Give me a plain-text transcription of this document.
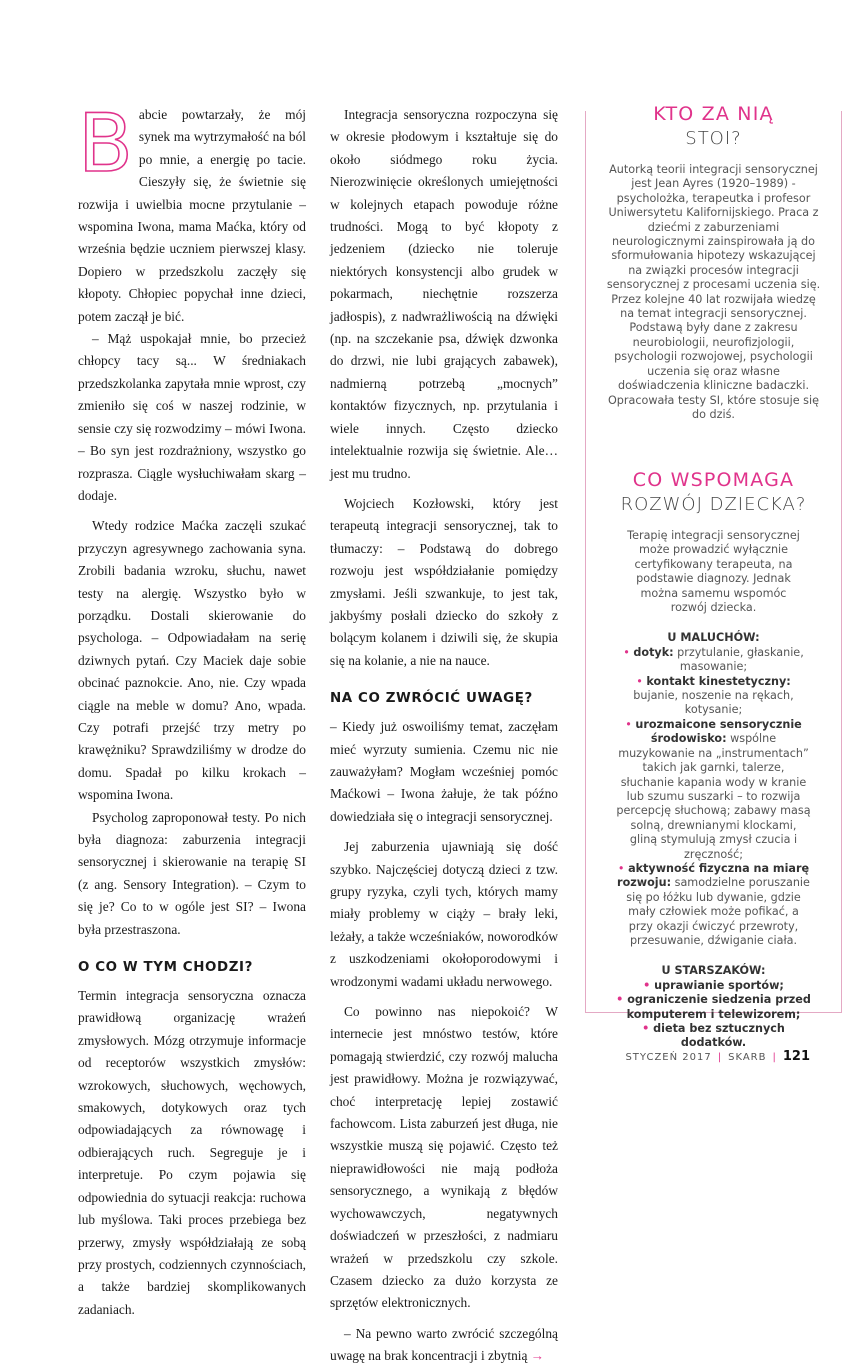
Babcie powtarzały, że mój synek ma wytrzymałość na ból po mnie, a energię po tacie. Cieszyły się, że świetnie się rozwija i uwielbia mocne przytulanie – wspomina Iwona, mama Maćka, który od września będzie uczniem pierwszej klasy. Dopiero w przedszkolu zaczęły się kłopoty. Chłopiec popychał inne dzieci, potem zaczął je bić.

– Mąż uspokajał mnie, bo przecież chłopcy tacy są... W średniakach przedszkolanka zapytała mnie wprost, czy zmieniło się coś w naszej rodzinie, w sensie czy się rozwodzimy – mówi Iwona. – Bo syn jest rozdrażniony, wszystko go rozprasza. Ciągle wysłuchiwałam skarg – dodaje.

Wtedy rodzice Maćka zaczęli szukać przyczyn agresywnego zachowania syna. Zrobili badania wzroku, słuchu, nawet testy na alergię. Wszystko było w porządku. Dostali skierowanie do psychologa. – Odpowiadałam na serię dziwnych pytań. Czy Maciek daje sobie obcinać paznokcie. Ano, nie. Czy wpada ciągle na meble w domu? Ano, wpada. Czy potrafi przejść trzy metry po krawężniku? Sprawdziliśmy w drodze do domu. Spadał po kilku krokach – wspomina Iwona.

Psycholog zaproponował testy. Po nich była diagnoza: zaburzenia integracji sensorycznej i skierowanie na terapię SI (z ang. Sensory Integration). – Czym to się je? Co to w ogóle jest SI? – Iwona była przestraszona.

O CO W TYM CHODZI?

Termin integracja sensoryczna oznacza prawidłową organizację wrażeń zmysłowych. Mózg otrzymuje informacje od receptorów wszystkich zmysłów: wzrokowych, słuchowych, węchowych, smakowych, dotykowych oraz tych odpowiadających za równowagę i odbierających ruch. Segreguje je i interpretuje. Po czym pojawia się odpowiednia do sytuacji reakcja: ruchowa lub myślowa. Taki proces przebiega bez przerwy, zmysły współdziałają ze sobą przy prostych, codziennych czynnościach, a także bardziej skomplikowanych zadaniach.

Integracja sensoryczna rozpoczyna się w okresie płodowym i kształtuje się do około siódmego roku życia. Nierozwinięcie określonych umiejętności w kolejnych etapach powoduje różne trudności. Mogą to być kłopoty z jedzeniem (dziecko nie toleruje niektórych konsystencji albo grudek w pokarmach, niechętnie rozszerza jadłospis), z nadwrażliwością na dźwięki (np. na szczekanie psa, dźwięk dzwonka do drzwi, nie lubi grających zabawek), nadmierną potrzebą „mocnych” kontaktów fizycznych, np. przytulania i wiele innych. Często dziecko intelektualnie rozwija się świetnie. Ale… jest mu trudno.

Wojciech Kozłowski, który jest terapeutą integracji sensorycznej, tak to tłumaczy: – Podstawą do dobrego rozwoju jest współdziałanie pomiędzy zmysłami. Jeśli szwankuje, to jest tak, jakbyśmy posłali dziecko do szkoły z bolącym kolanem i dziwili się, że skupia się na kolanie, a nie na nauce.

NA CO ZWRÓCIĆ UWAGĘ?

– Kiedy już oswoiliśmy temat, zaczęłam mieć wyrzuty sumienia. Czemu nic nie zauważyłam? Mogłam wcześniej pomóc Maćkowi – Iwona żałuje, że tak późno dowiedziała się o integracji sensorycznej.

Jej zaburzenia ujawniają się dość szybko. Najczęściej dotyczą dzieci z tzw. grupy ryzyka, czyli tych, których mamy miały problemy w ciąży – brały leki, leżały, a także wcześniaków, noworodków z uszkodzeniami okołoporodowymi i wrodzonymi wadami układu nerwowego.

Co powinno nas niepokoić? W internecie jest mnóstwo testów, które pomagają stwierdzić, czy rozwój malucha jest prawidłowy. Można je rozwiązywać, choć interpretację lepiej zostawić fachowcom. Lista zaburzeń jest długa, nie wszystkie muszą się pojawić. Często też nieprawidłowości nie mają podłoża sensorycznego, a wynikają z błędów wychowawczych, negatywnych doświadczeń w przeszłości, z nadmiaru wrażeń w przedszkolu czy szkole. Czasem dziecko za dużo korzysta ze sprzętów elektronicznych.

– Na pewno warto zwrócić szczególną uwagę na brak koncentracji i zbytnią →

KTO ZA NIĄ
STOI?
Autorką teorii integracji sensorycznej jest Jean Ayres (1920–1989) - psycholożka, terapeutka i profesor Uniwersytetu Kalifornijskiego. Praca z dziećmi z zaburzeniami neurologicznymi zainspirowała ją do sformułowania hipotezy wskazującej na związki procesów integracji sensorycznej z procesami uczenia się. Przez kolejne 40 lat rozwijała wiedzę na temat integracji sensorycznej. Podstawą były dane z zakresu neurobiologii, neurofizjologii, psychologii rozwojowej, psychologii uczenia się oraz własne doświadczenia kliniczne badaczki. Opracowała testy SI, które stosuje się do dziś.
CO WSPOMAGA
ROZWÓJ DZIECKA?
Terapię integracji sensorycznej może prowadzić wyłącznie certyfikowany terapeuta, na podstawie diagnozy. Jednak można samemu wspomóc rozwój dziecka.
U MALUCHÓW:
• dotyk: przytulanie, głaskanie, masowanie;
• kontakt kinestetyczny: bujanie, noszenie na rękach, kotysanie;
• urozmaicone sensorycznie środowisko: wspólne muzykowanie na „instrumentach” takich jak garnki, talerze, słuchanie kapania wody w kranie lub szumu suszarki – to rozwija percepcję słuchową; zabawy masą solną, drewnianymi klockami, gliną stymulują zmysł czucia i zręczność;
• aktywność fizyczna na miarę rozwoju: samodzielne poruszanie się po łóżku lub dywanie, gdzie mały człowiek może pofikać, a przy okazji ćwiczyć przewroty, przesuwanie, dźwiganie ciała.
U STARSZAKÓW:
• uprawianie sportów;
• ograniczenie siedzenia przed komputerem i telewizorem;
• dieta bez sztucznych dodatków.
STYCZEŃ 2017 | SKARB | 121
